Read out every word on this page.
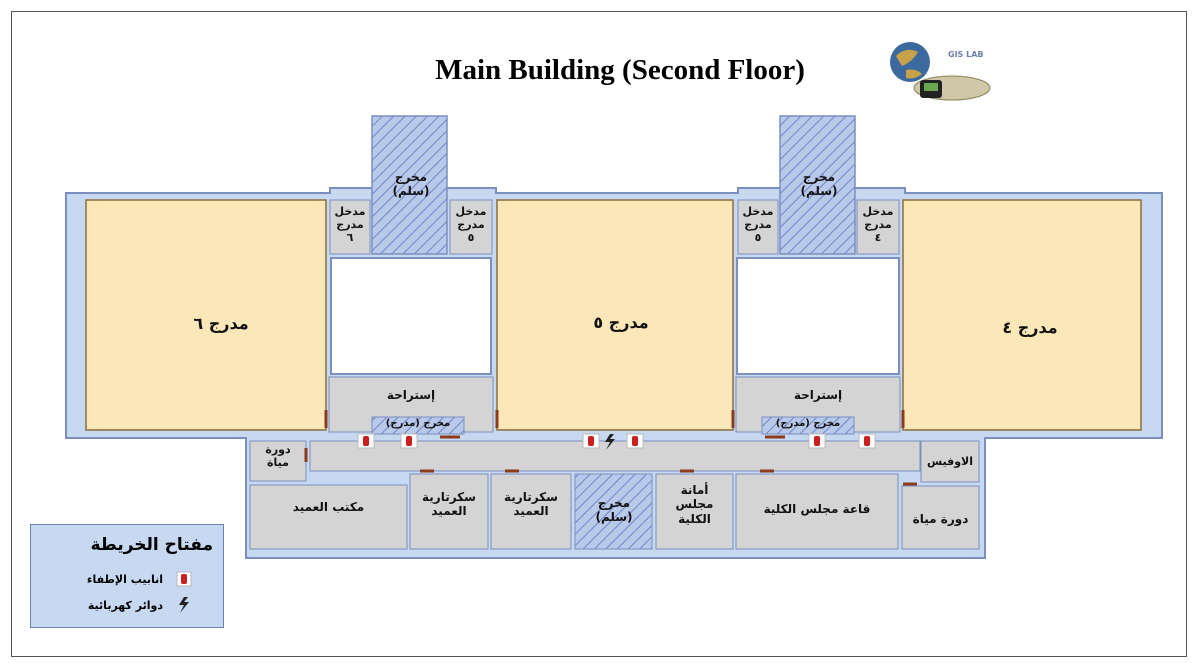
Main Building (Second Floor)	GIS LAB
مدرج ٦	مدرج ٥	مدرج ٤
مخرج
(سلم)
مخرج
(سلم)
مخرج
(سلم)
مدخل
مدرج
٦
مدخل
مدرج
٥
مدخل
مدرج
٥
مدخل
مدرج
٤
إستراحة	إستراحة
مخرج (مدرج)	مخرج (مدرج)
دورة
مياة
مكتب العميد
سكرتارية
العميد
سكرتارية
العميد
أمانة
مجلس
الكلية
قاعة مجلس الكلية
الاوفيس
دورة مياة
مفتاح الخريطة
انابيب الإطفاء
دوائر كهربائية
